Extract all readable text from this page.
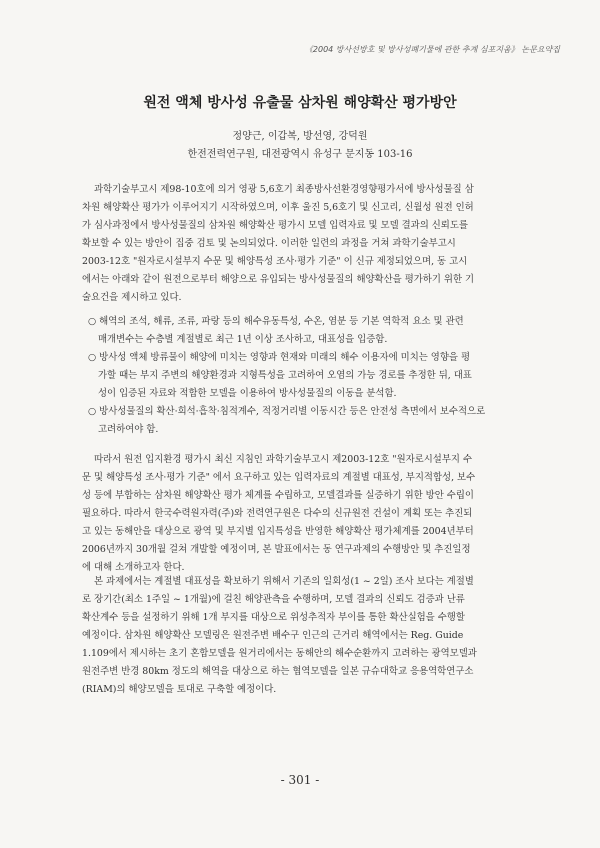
《2004 방사선방호 및 방사성폐기물에 관한 추계 심포지움》 논문요약집
원전 액체 방사성 유출물 삼차원 해양확산 평가방안
정양근, 이갑복, 방선영, 강덕원
한전전력연구원, 대전광역시 유성구 문지동 103-16
과학기술부고시 제98-10호에 의거 영광 5,6호기 최종방사선환경영향평가서에 방사성물질 삼
차원 해양확산 평가가 이루어지기 시작하였으며, 이후 울진 5,6호기 및 신고리, 신월성 원전 인허
가 심사과정에서 방사성물질의 삼차원 해양확산 평가시 모델 입력자료 및 모델 결과의 신뢰도를
확보할 수 있는 방안이 집중 검토 및 논의되었다. 이러한 일련의 과정을 거쳐 과학기술부고시
2003-12호 "원자로시설부지 수문 및 해양특성 조사·평가 기준" 이 신규 제정되었으며, 동 고시
에서는 아래와 같이 원전으로부터 해양으로 유입되는 방사성물질의 해양확산을 평가하기 위한 기
술요건을 제시하고 있다.
○ 해역의 조석, 해류, 조류, 파랑 등의 해수유동특성, 수온, 염분 등 기본 역학적 요소 및 관련
매개변수는 수층별 계절별로 최근 1년 이상 조사하고, 대표성을 입증함.
○ 방사성 액체 방류물이 해양에 미치는 영향과 현재와 미래의 해수 이용자에 미치는 영향을 평
가할 때는 부지 주변의 해양환경과 지형특성을 고려하여 오염의 가능 경로를 추정한 뒤, 대표
성이 입증된 자료와 적합한 모델을 이용하여 방사성물질의 이동을 분석함.
○ 방사성물질의 확산·희석·흡착·침적계수, 적정거리별 이동시간 등은 안전성 측면에서 보수적으로
고려하여야 함.
따라서 원전 입지환경 평가시 최신 지침인 과학기술부고시 제2003-12호 "원자로시설부지 수
문 및 해양특성 조사·평가 기준" 에서 요구하고 있는 입력자료의 계절별 대표성, 부지적합성, 보수
성 등에 부합하는 삼차원 해양확산 평가 체계를 수립하고, 모델결과를 실증하기 위한 방안 수립이
필요하다. 따라서 한국수력원자력(주)와 전력연구원은 다수의 신규원전 건설이 계획 또는 추진되
고 있는 동해안을 대상으로 광역 및 부지별 입지특성을 반영한 해양확산 평가체계를 2004년부터
2006년까지 30개월 걸쳐 개발할 예정이며, 본 발표에서는 동 연구과제의 수행방안 및 추진일정
에 대해 소개하고자 한다.
본 과제에서는 계절별 대표성을 확보하기 위해서 기존의 일회성(1 ~ 2일) 조사 보다는 계절별
로 장기간(최소 1주일 ~ 1개월)에 걸친 해양관측을 수행하며, 모델 결과의 신뢰도 검증과 난류
확산계수 등을 설정하기 위해 1개 부지를 대상으로 위성추적자 부이를 통한 확산실험을 수행할
예정이다. 삼차원 해양확산 모델링은 원전주변 배수구 인근의 근거리 해역에서는 Reg. Guide
1.109에서 제시하는 초기 혼합모델을 원거리에서는 동해안의 해수순환까지 고려하는 광역모델과
원전주변 반경 80km 정도의 해역을 대상으로 하는 협역모델을 일본 규슈대학교 응용역학연구소
(RIAM)의 해양모델을 토대로 구축할 예정이다.
- 301 -
